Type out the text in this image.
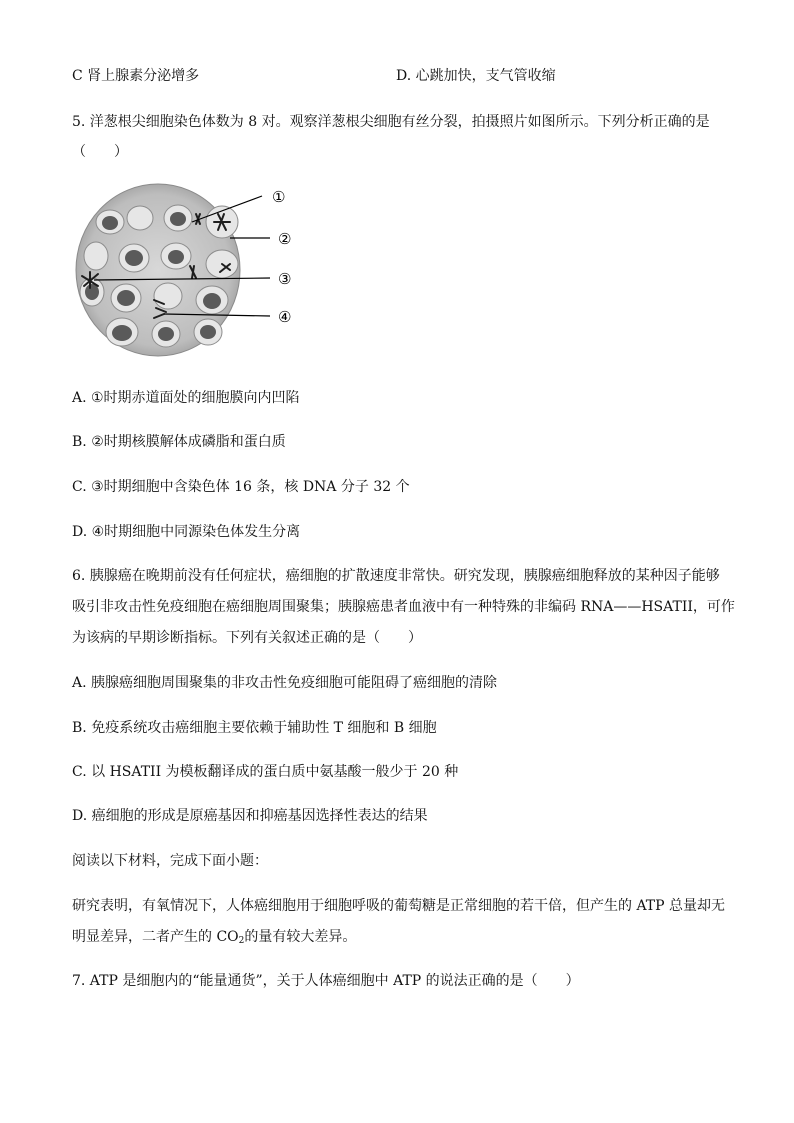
C 肾上腺素分泌增多	D. 心跳加快，支气管收缩
5. 洋葱根尖细胞染色体数为 8 对。观察洋葱根尖细胞有丝分裂，拍摄照片如图所示。下列分析正确的是
（　　）
①
②
③
④
A. ①时期赤道面处的细胞膜向内凹陷
B. ②时期核膜解体成磷脂和蛋白质
C. ③时期细胞中含染色体 16 条，核 DNA 分子 32 个
D. ④时期细胞中同源染色体发生分离
6. 胰腺癌在晚期前没有任何症状，癌细胞的扩散速度非常快。研究发现，胰腺癌细胞释放的某种因子能够
吸引非攻击性免疫细胞在癌细胞周围聚集；胰腺癌患者血液中有一种特殊的非编码 RNA——HSATII，可作
为该病的早期诊断指标。下列有关叙述正确的是（　　）
A. 胰腺癌细胞周围聚集的非攻击性免疫细胞可能阻碍了癌细胞的清除
B. 免疫系统攻击癌细胞主要依赖于辅助性 T 细胞和 B 细胞
C. 以 HSATII 为模板翻译成的蛋白质中氨基酸一般少于 20 种
D. 癌细胞的形成是原癌基因和抑癌基因选择性表达的结果
阅读以下材料，完成下面小题：
研究表明，有氧情况下，人体癌细胞用于细胞呼吸的葡萄糖是正常细胞的若干倍，但产生的 ATP 总量却无
明显差异，二者产生的 $CO_2$的量有较大差异。
7. ATP 是细胞内的“能量通货”，关于人体癌细胞中 ATP 的说法正确的是（　　）
